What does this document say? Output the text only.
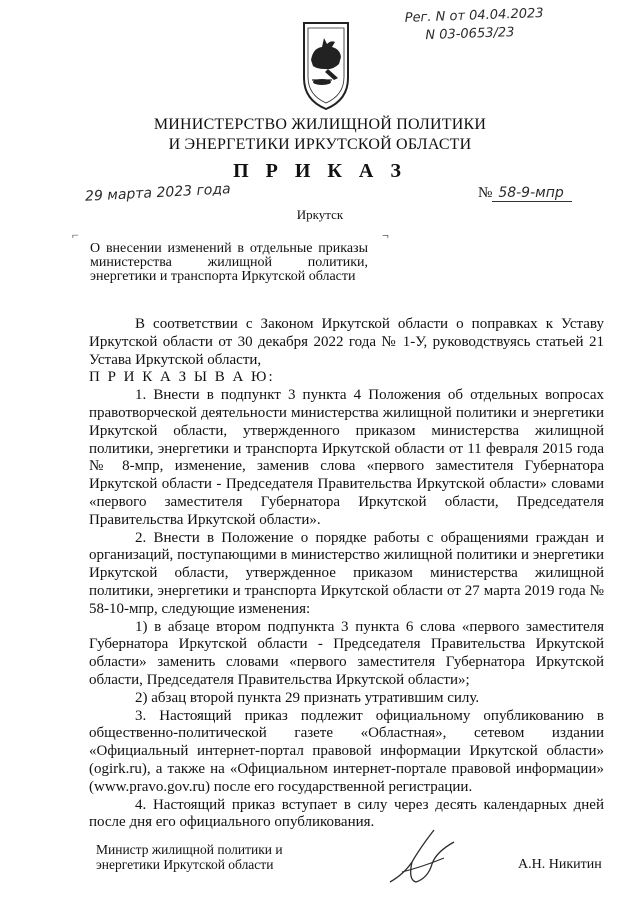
Рег. N от 04.04.2023
N 03-0653/23
МИНИСТЕРСТВО ЖИЛИЩНОЙ ПОЛИТИКИ
И ЭНЕРГЕТИКИ ИРКУТСКОЙ ОБЛАСТИ
П Р И К А З
29 марта 2023 года	№ 58-9-мпр
Иркутск
⌐	¬
О внесении изменений в отдельные приказы министерства жилищной политики, энергетики и транспорта Иркутской области

В соответствии с Законом Иркутской области о поправках к Уставу Иркутской области от 30 декабря 2022 года № 1-У, руководствуясь статьей 21 Устава Иркутской области,

П Р И К А З Ы В А Ю:

1. Внести в подпункт 3 пункта 4 Положения об отдельных вопросах правотворческой деятельности министерства жилищной политики и энергетики Иркутской области, утвержденного приказом министерства жилищной политики, энергетики и транспорта Иркутской области от 11 февраля 2015 года № 8-мпр, изменение, заменив слова «первого заместителя Губернатора Иркутской области - Председателя Правительства Иркутской области» словами «первого заместителя Губернатора Иркутской области, Председателя Правительства Иркутской области».

2. Внести в Положение о порядке работы с обращениями граждан и организаций, поступающими в министерство жилищной политики и энергетики Иркутской области, утвержденное приказом министерства жилищной политики, энергетики и транспорта Иркутской области от 27 марта 2019 года № 58-10-мпр, следующие изменения:

1) в абзаце втором подпункта 3 пункта 6 слова «первого заместителя Губернатора Иркутской области - Председателя Правительства Иркутской области» заменить словами «первого заместителя Губернатора Иркутской области, Председателя Правительства Иркутской области»;

2) абзац второй пункта 29 признать утратившим силу.

3. Настоящий приказ подлежит официальному опубликованию в общественно-политической газете «Областная», сетевом издании «Официальный интернет-портал правовой информации Иркутской области» (ogirk.ru), а также на «Официальном интернет-портале правовой информации» (www.pravo.gov.ru) после его государственной регистрации.

4. Настоящий приказ вступает в силу через десять календарных дней после дня его официального опубликования.

Министр жилищной политики и
энергетики Иркутской области	А.Н. Никитин
